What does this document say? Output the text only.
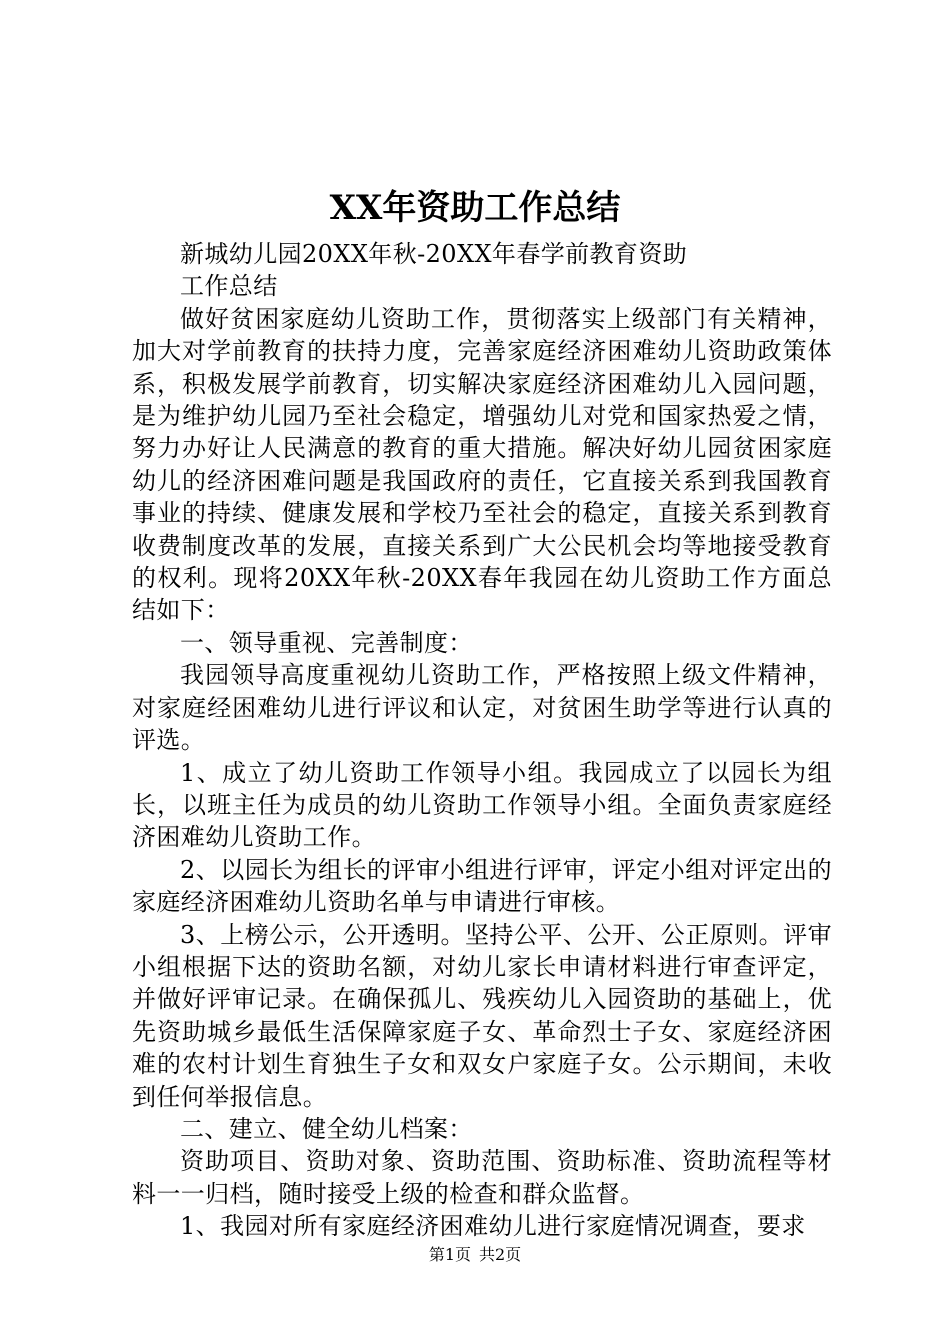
XX年资助工作总结

新城幼儿园20XX年秋-20XX年春学前教育资助

工作总结

做好贫困家庭幼儿资助工作，贯彻落实上级部门有关精神，加大对学前教育的扶持力度，完善家庭经济困难幼儿资助政策体系，积极发展学前教育，切实解决家庭经济困难幼儿入园问题，是为维护幼儿园乃至社会稳定，增强幼儿对党和国家热爱之情，努力办好让人民满意的教育的重大措施。解决好幼儿园贫困家庭幼儿的经济困难问题是我国政府的责任，它直接关系到我国教育事业的持续、健康发展和学校乃至社会的稳定，直接关系到教育收费制度改革的发展，直接关系到广大公民机会均等地接受教育的权利。现将20XX年秋-20XX春年我园在幼儿资助工作方面总结如下：

一、领导重视、完善制度：

我园领导高度重视幼儿资助工作，严格按照上级文件精神，对家庭经困难幼儿进行评议和认定，对贫困生助学等进行认真的评选。

1、成立了幼儿资助工作领导小组。我园成立了以园长为组长，以班主任为成员的幼儿资助工作领导小组。全面负责家庭经济困难幼儿资助工作。

2、以园长为组长的评审小组进行评审，评定小组对评定出的家庭经济困难幼儿资助名单与申请进行审核。

3、上榜公示，公开透明。坚持公平、公开、公正原则。评审小组根据下达的资助名额，对幼儿家长申请材料进行审查评定，并做好评审记录。在确保孤儿、残疾幼儿入园资助的基础上，优先资助城乡最低生活保障家庭子女、革命烈士子女、家庭经济困难的农村计划生育独生子女和双女户家庭子女。公示期间，未收到任何举报信息。

二、建立、健全幼儿档案：

资助项目、资助对象、资助范围、资助标准、资助流程等材料一一归档，随时接受上级的检查和群众监督。

1、我园对所有家庭经济困难幼儿进行家庭情况调查，要求

第1页 共2页
